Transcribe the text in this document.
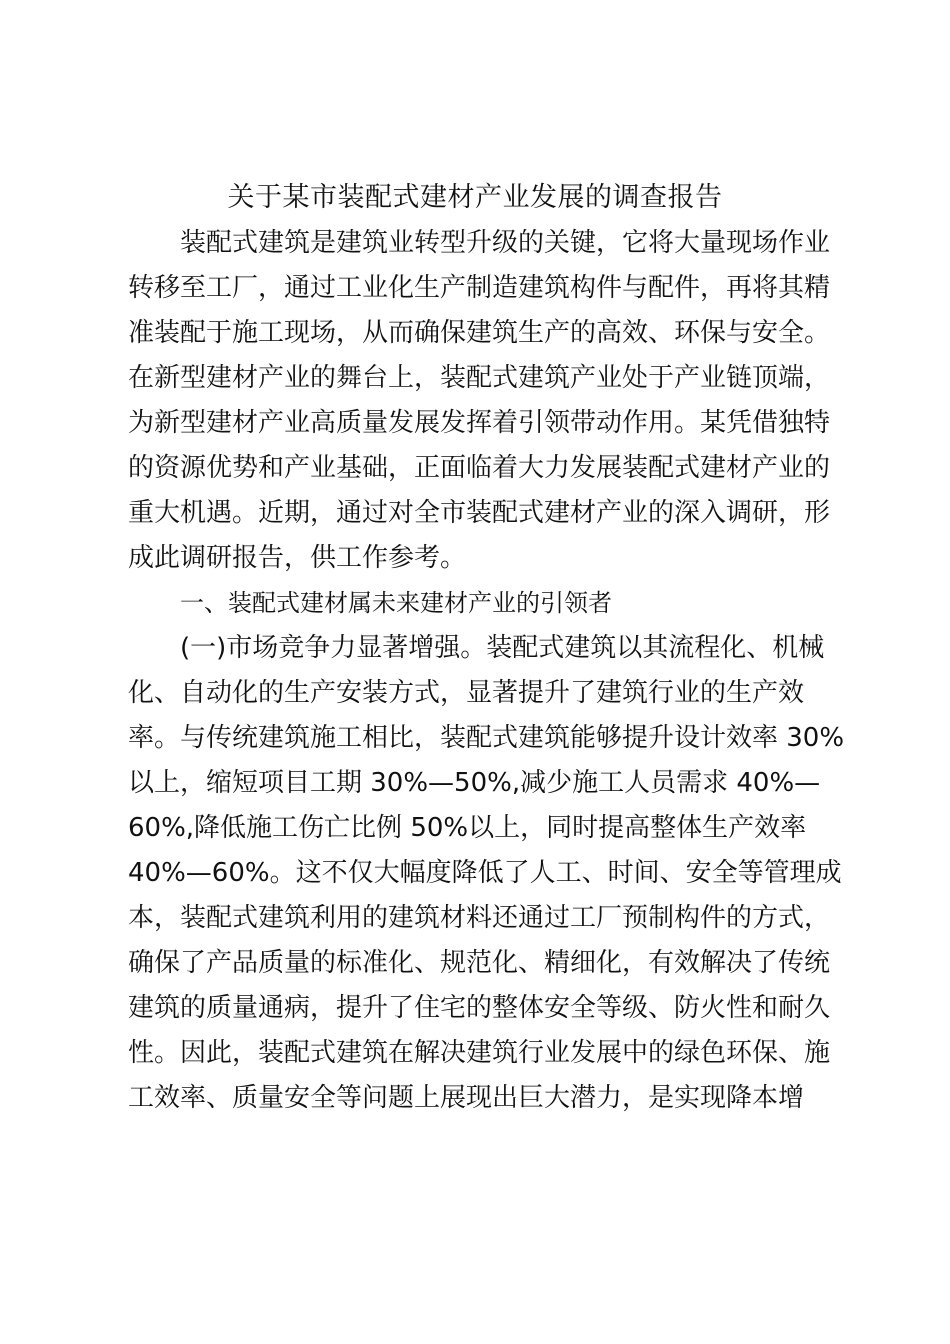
关于某市装配式建材产业发展的调查报告

装配式建筑是建筑业转型升级的关键，它将大量现场作业

转移至工厂，通过工业化生产制造建筑构件与配件，再将其精

准装配于施工现场，从而确保建筑生产的高效、环保与安全。

在新型建材产业的舞台上，装配式建筑产业处于产业链顶端，

为新型建材产业高质量发展发挥着引领带动作用。某凭借独特

的资源优势和产业基础，正面临着大力发展装配式建材产业的

重大机遇。近期，通过对全市装配式建材产业的深入调研，形

成此调研报告，供工作参考。

一、装配式建材属未来建材产业的引领者

(一)市场竞争力显著增强。装配式建筑以其流程化、机械

化、自动化的生产安装方式，显著提升了建筑行业的生产效

率。与传统建筑施工相比，装配式建筑能够提升设计效率 30%

以上，缩短项目工期 30%—50%,减少施工人员需求 40%—

60%,降低施工伤亡比例 50%以上，同时提高整体生产效率

40%—60%。这不仅大幅度降低了人工、时间、安全等管理成

本，装配式建筑利用的建筑材料还通过工厂预制构件的方式，

确保了产品质量的标准化、规范化、精细化，有效解决了传统

建筑的质量通病，提升了住宅的整体安全等级、防火性和耐久

性。因此，装配式建筑在解决建筑行业发展中的绿色环保、施

工效率、质量安全等问题上展现出巨大潜力，是实现降本增
